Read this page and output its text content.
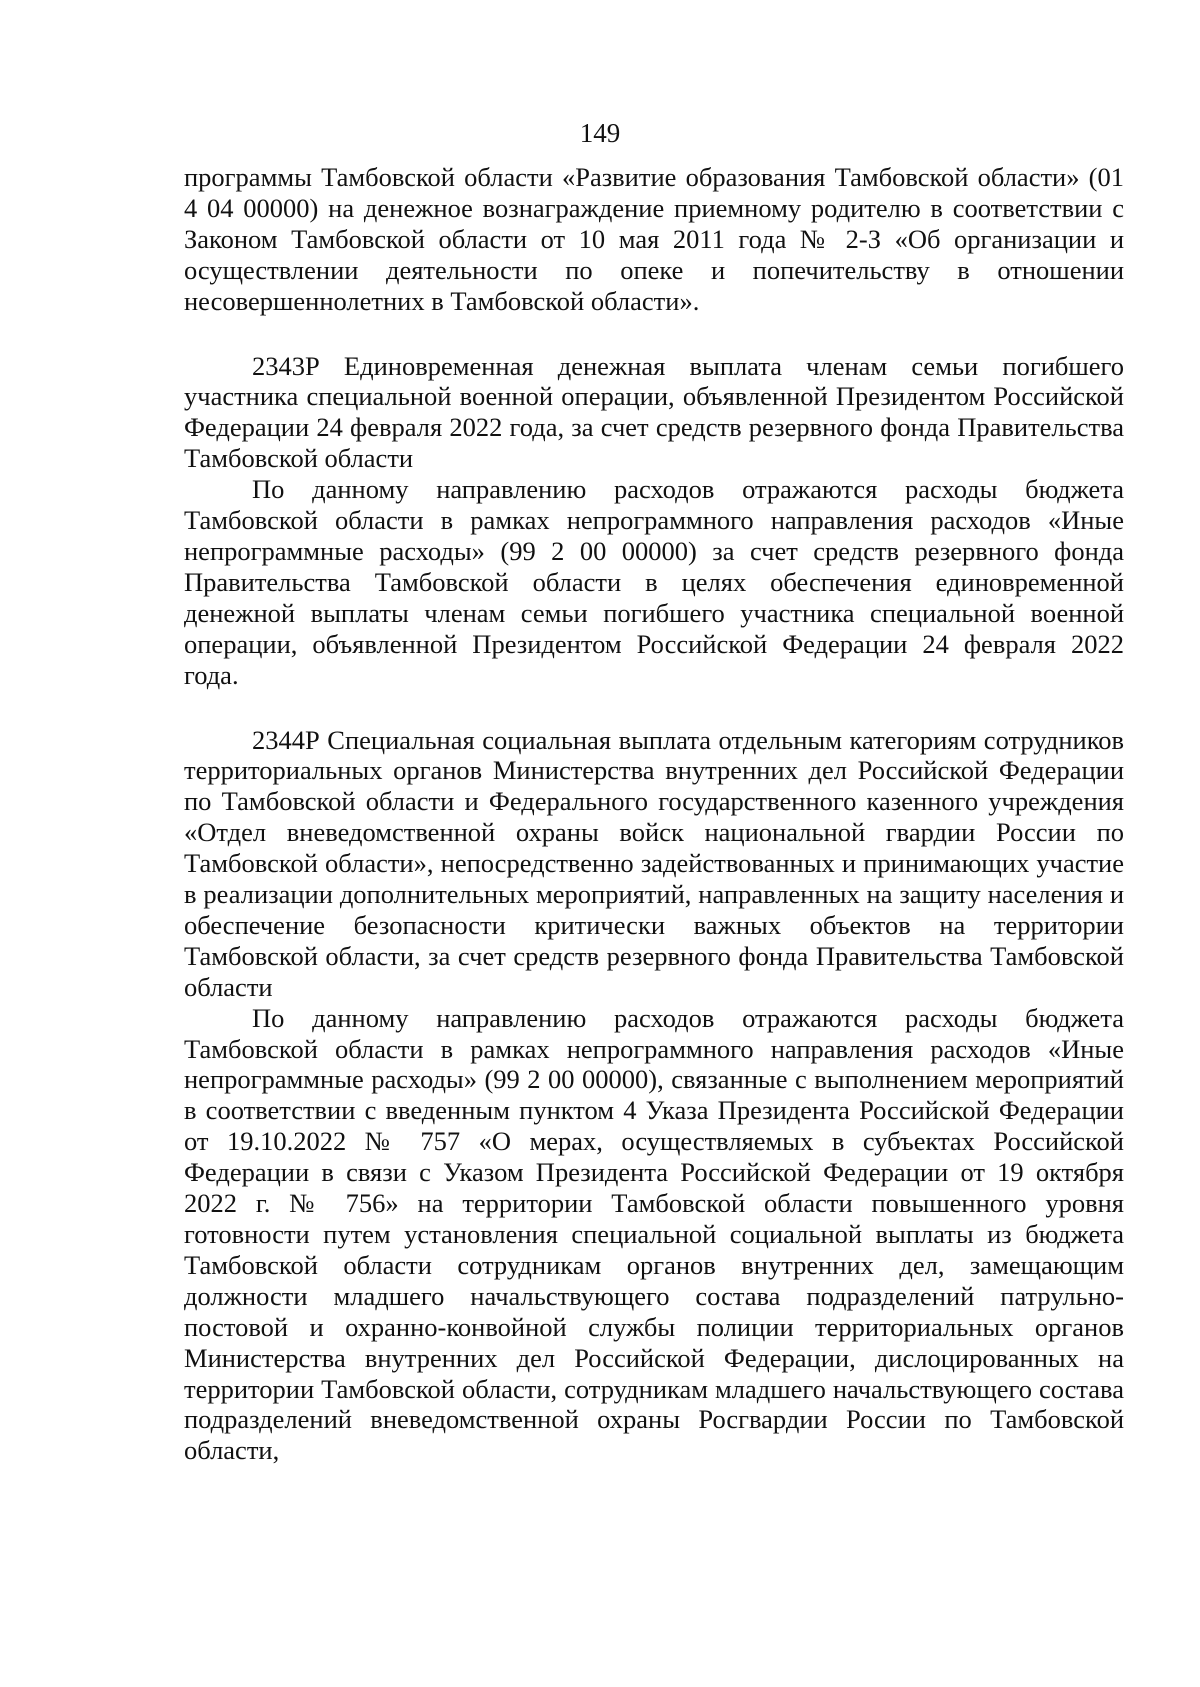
149

программы Тамбовской области «Развитие образования Тамбовской области» (01 4 04 00000) на денежное вознаграждение приемному родителю в соответствии с Законом Тамбовской области от 10 мая 2011 года № 2-З «Об организации и осуществлении деятельности по опеке и попечительству в отношении несовершеннолетних в Тамбовской области».

2343Р Единовременная денежная выплата членам семьи погибшего участника специальной военной операции, объявленной Президентом Российской Федерации 24 февраля 2022 года, за счет средств резервного фонда Правительства Тамбовской области

По данному направлению расходов отражаются расходы бюджета Тамбовской области в рамках непрограммного направления расходов «Иные непрограммные расходы» (99 2 00 00000) за счет средств резервного фонда Правительства Тамбовской области в целях обеспечения единовременной денежной выплаты членам семьи погибшего участника специальной военной операции, объявленной Президентом Российской Федерации 24 февраля 2022 года.

2344Р Специальная социальная выплата отдельным категориям сотрудников территориальных органов Министерства внутренних дел Российской Федерации по Тамбовской области и Федерального государственного казенного учреждения «Отдел вневедомственной охраны войск национальной гвардии России по Тамбовской области», непосредственно задействованных и принимающих участие в реализации дополнительных мероприятий, направленных на защиту населения и обеспечение безопасности критически важных объектов на территории Тамбовской области, за счет средств резервного фонда Правительства Тамбовской области

По данному направлению расходов отражаются расходы бюджета Тамбовской области в рамках непрограммного направления расходов «Иные непрограммные расходы» (99 2 00 00000), связанные с выполнением мероприятий в соответствии с введенным пунктом 4 Указа Президента Российской Федерации от 19.10.2022 № 757 «О мерах, осуществляемых в субъектах Российской Федерации в связи с Указом Президента Российской Федерации от 19 октября 2022 г. № 756» на территории Тамбовской области повышенного уровня готовности путем установления специальной социальной выплаты из бюджета Тамбовской области сотрудникам органов внутренних дел, замещающим должности младшего начальствующего состава подразделений патрульно-постовой и охранно-конвойной службы полиции территориальных органов Министерства внутренних дел Российской Федерации, дислоцированных на территории Тамбовской области, сотрудникам младшего начальствующего состава подразделений вневедомственной охраны Росгвардии России по Тамбовской области,
